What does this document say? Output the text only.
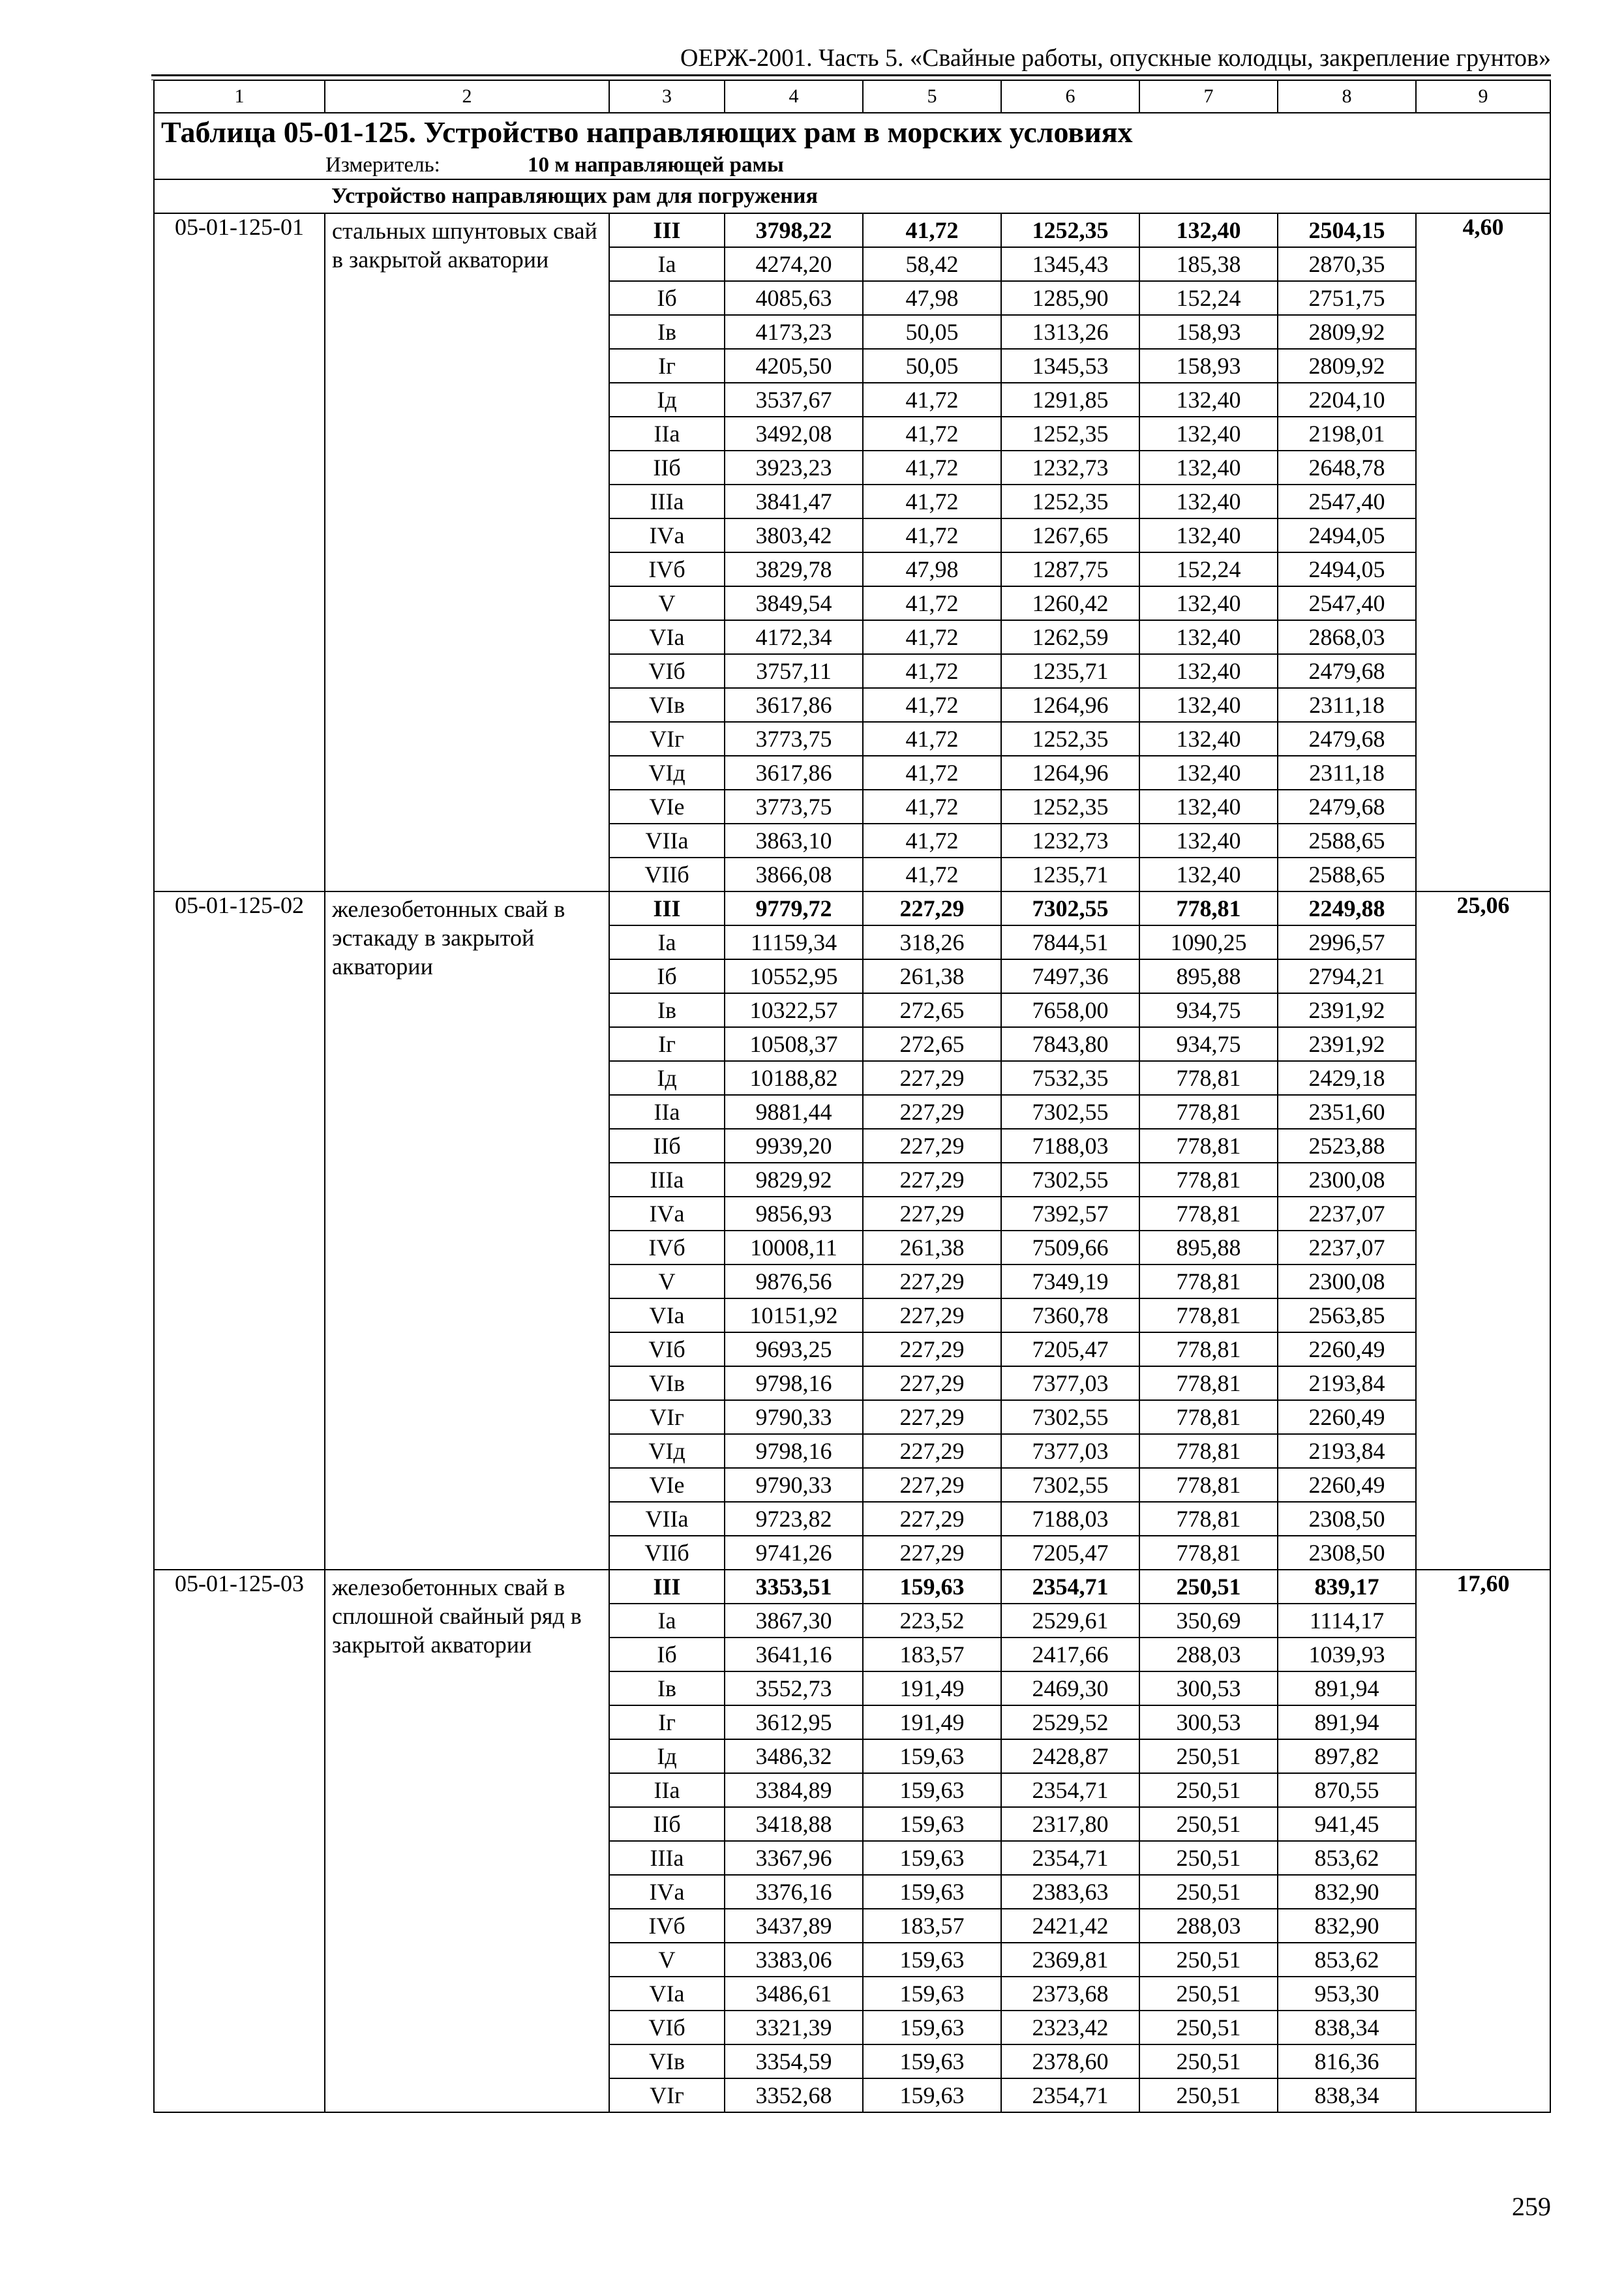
ОЕРЖ-2001. Часть 5. «Свайные работы, опускные колодцы, закрепление грунтов»
1	2	3	4	5	6	7	8	9
Таблица 05-01-125. Устройство направляющих рам в морских условиях								
Измеритель: 10 м направляющей рамы								
	Устройство направляющих рам для погружения							
05-01-125-01	стальных шпунтовых свай в закрытой акватории	III	3798,22	41,72	1252,35	132,40	2504,15	4,60
		Iа	4274,20	58,42	1345,43	185,38	2870,35	
		Iб	4085,63	47,98	1285,90	152,24	2751,75	
		Iв	4173,23	50,05	1313,26	158,93	2809,92	
		Iг	4205,50	50,05	1345,53	158,93	2809,92	
		Iд	3537,67	41,72	1291,85	132,40	2204,10	
		IIа	3492,08	41,72	1252,35	132,40	2198,01	
		IIб	3923,23	41,72	1232,73	132,40	2648,78	
		IIIа	3841,47	41,72	1252,35	132,40	2547,40	
		IVа	3803,42	41,72	1267,65	132,40	2494,05	
		IVб	3829,78	47,98	1287,75	152,24	2494,05	
		V	3849,54	41,72	1260,42	132,40	2547,40	
		VIа	4172,34	41,72	1262,59	132,40	2868,03	
		VIб	3757,11	41,72	1235,71	132,40	2479,68	
		VIв	3617,86	41,72	1264,96	132,40	2311,18	
		VIг	3773,75	41,72	1252,35	132,40	2479,68	
		VIд	3617,86	41,72	1264,96	132,40	2311,18	
		VIе	3773,75	41,72	1252,35	132,40	2479,68	
		VIIа	3863,10	41,72	1232,73	132,40	2588,65	
		VIIб	3866,08	41,72	1235,71	132,40	2588,65	
05-01-125-02	железобетонных свай в эстакаду в закрытой акватории	III	9779,72	227,29	7302,55	778,81	2249,88	25,06
		Iа	11159,34	318,26	7844,51	1090,25	2996,57	
		Iб	10552,95	261,38	7497,36	895,88	2794,21	
		Iв	10322,57	272,65	7658,00	934,75	2391,92	
		Iг	10508,37	272,65	7843,80	934,75	2391,92	
		Iд	10188,82	227,29	7532,35	778,81	2429,18	
		IIа	9881,44	227,29	7302,55	778,81	2351,60	
		IIб	9939,20	227,29	7188,03	778,81	2523,88	
		IIIа	9829,92	227,29	7302,55	778,81	2300,08	
		IVа	9856,93	227,29	7392,57	778,81	2237,07	
		IVб	10008,11	261,38	7509,66	895,88	2237,07	
		V	9876,56	227,29	7349,19	778,81	2300,08	
		VIа	10151,92	227,29	7360,78	778,81	2563,85	
		VIб	9693,25	227,29	7205,47	778,81	2260,49	
		VIв	9798,16	227,29	7377,03	778,81	2193,84	
		VIг	9790,33	227,29	7302,55	778,81	2260,49	
		VIд	9798,16	227,29	7377,03	778,81	2193,84	
		VIе	9790,33	227,29	7302,55	778,81	2260,49	
		VIIа	9723,82	227,29	7188,03	778,81	2308,50	
		VIIб	9741,26	227,29	7205,47	778,81	2308,50	
05-01-125-03	железобетонных свай в сплошной свайный ряд в закрытой акватории	III	3353,51	159,63	2354,71	250,51	839,17	17,60
		Iа	3867,30	223,52	2529,61	350,69	1114,17	
		Iб	3641,16	183,57	2417,66	288,03	1039,93	
		Iв	3552,73	191,49	2469,30	300,53	891,94	
		Iг	3612,95	191,49	2529,52	300,53	891,94	
		Iд	3486,32	159,63	2428,87	250,51	897,82	
		IIа	3384,89	159,63	2354,71	250,51	870,55	
		IIб	3418,88	159,63	2317,80	250,51	941,45	
		IIIа	3367,96	159,63	2354,71	250,51	853,62	
		IVа	3376,16	159,63	2383,63	250,51	832,90	
		IVб	3437,89	183,57	2421,42	288,03	832,90	
		V	3383,06	159,63	2369,81	250,51	853,62	
		VIа	3486,61	159,63	2373,68	250,51	953,30	
		VIб	3321,39	159,63	2323,42	250,51	838,34	
		VIв	3354,59	159,63	2378,60	250,51	816,36	
		VIг	3352,68	159,63	2354,71	250,51	838,34	
259
